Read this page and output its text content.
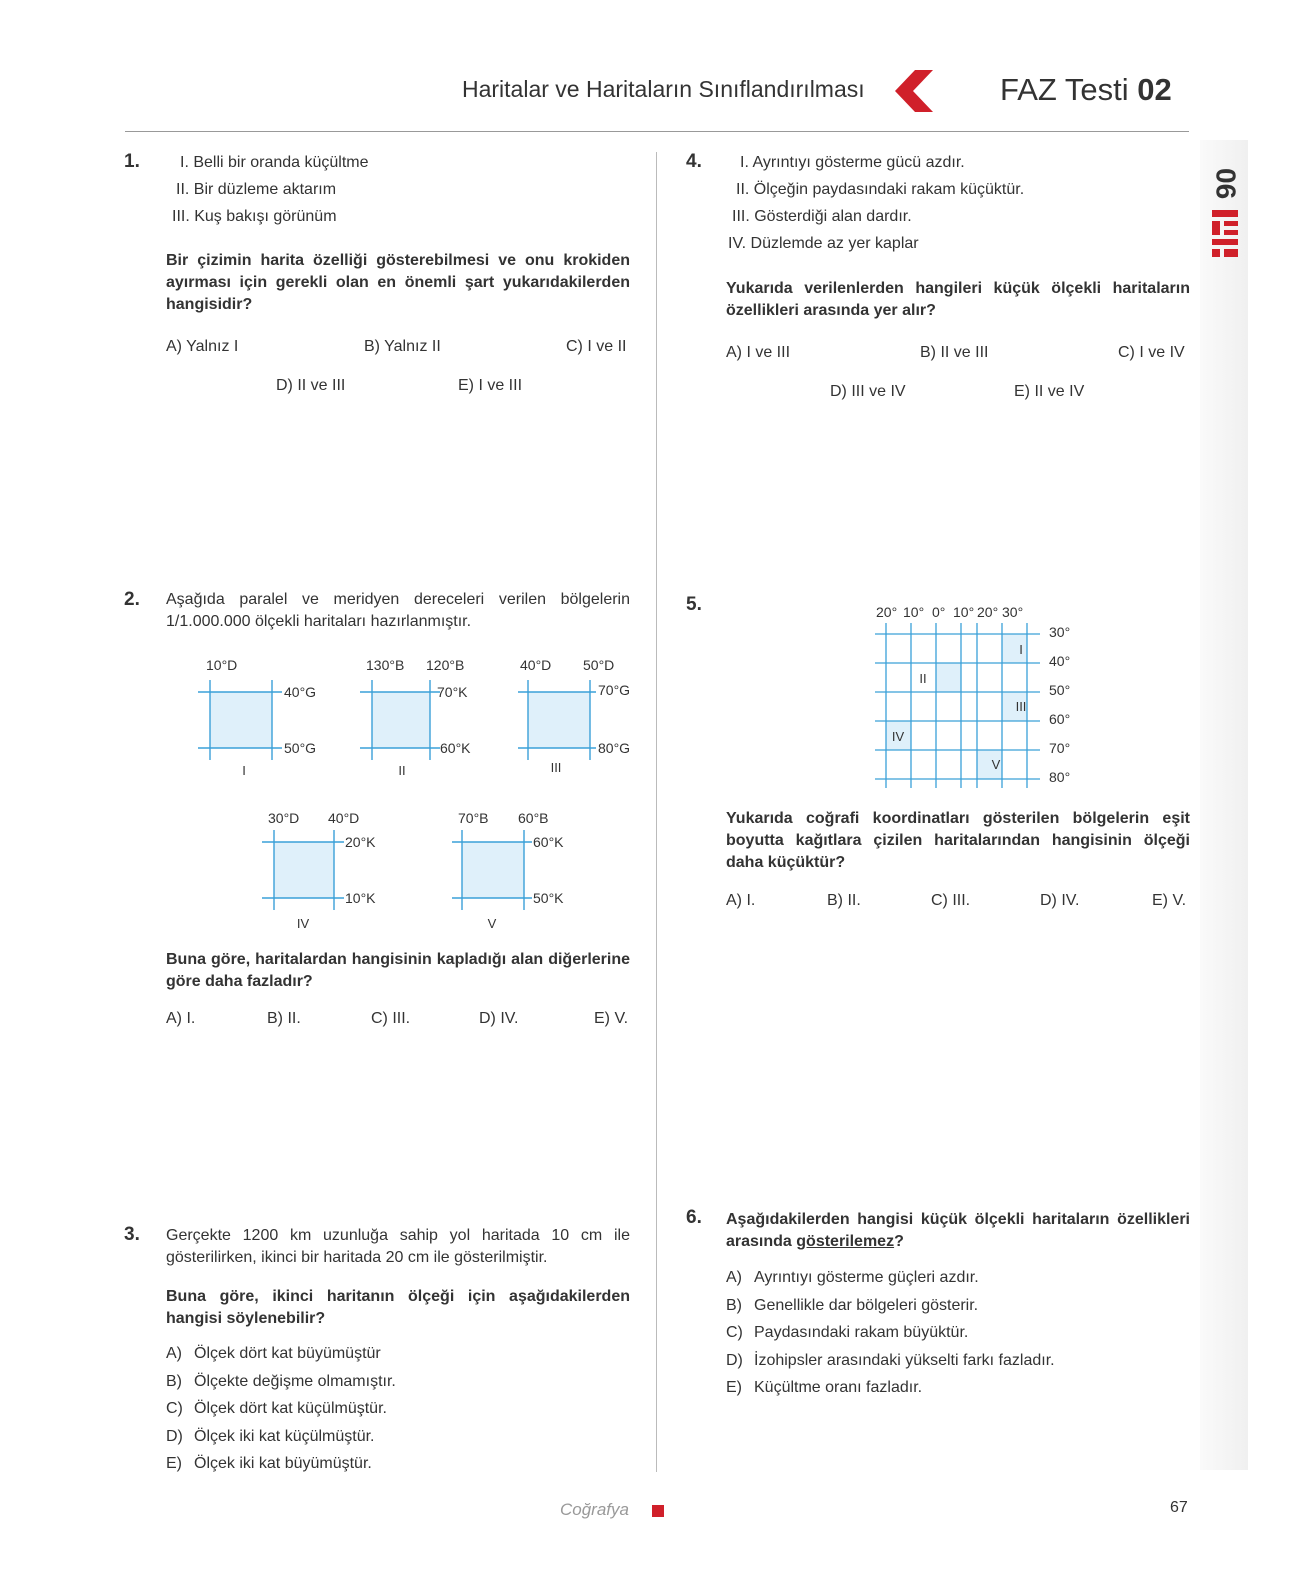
Haritalar ve Haritaların Sınıflandırılması	FAZ Testi 02
06
1.	I. Belli bir oranda küçültme
II. Bir düzleme aktarım
III. Kuş bakışı görünüm
Bir çizimin harita özelliği gösterebilmesi ve onu krokiden ayırması için gerekli olan en önemli şart yukarıdakilerden hangisidir?
A) Yalnız I	B) Yalnız II	C) I ve II
D) II ve III	E) I ve III
2. Aşağıda paralel ve meridyen dereceleri verilen bölgelerin 1/1.000.000 ölçekli haritaları hazırlanmıştır.
10°D
40°G
50°G
I
130°B 120°B
70°K
60°K
II
40°D 50°D
70°G
80°G
III
30°D 40°D
20°K
10°K
IV
70°B 60°B
60°K
50°K
V
20° 10° 0° 10° 20° 30°
30°
40°
50°
60°
70°
80°
I
II
III
IV
V
Buna göre, haritalardan hangisinin kapladığı alan diğerlerine göre daha fazladır?
A) I.	B) II.	C) III.	D) IV.	E) V.
3. Gerçekte 1200 km uzunluğa sahip yol haritada 10 cm ile gösterilirken, ikinci bir haritada 20 cm ile gösterilmiştir.
Buna göre, ikinci haritanın ölçeği için aşağıdakilerden hangisi söylenebilir?
A) Ölçek dört kat büyümüştür
B) Ölçekte değişme olmamıştır.
C) Ölçek dört kat küçülmüştür.
D) Ölçek iki kat küçülmüştür.
E) Ölçek iki kat büyümüştür.
4. I. Ayrıntıyı gösterme gücü azdır.
II. Ölçeğin paydasındaki rakam küçüktür.
III. Gösterdiği alan dardır.
IV. Düzlemde az yer kaplar
Yukarıda verilenlerden hangileri küçük ölçekli haritaların özellikleri arasında yer alır?
A) I ve III	B) II ve III	C) I ve IV
D) III ve IV	E) II ve IV
5.
Yukarıda coğrafi koordinatları gösterilen bölgelerin eşit boyutta kağıtlara çizilen haritalarından hangisinin ölçeği daha küçüktür?
A) I.	B) II.	C) III.	D) IV.	E) V.
6. Aşağıdakilerden hangisi küçük ölçekli haritaların özellikleri arasında gösterilemez?
A) Ayrıntıyı gösterme güçleri azdır.
B) Genellikle dar bölgeleri gösterir.
C) Paydasındaki rakam büyüktür.
D) İzohipsler arasındaki yükselti farkı fazladır.
E) Küçültme oranı fazladır.
Coğrafya	67
